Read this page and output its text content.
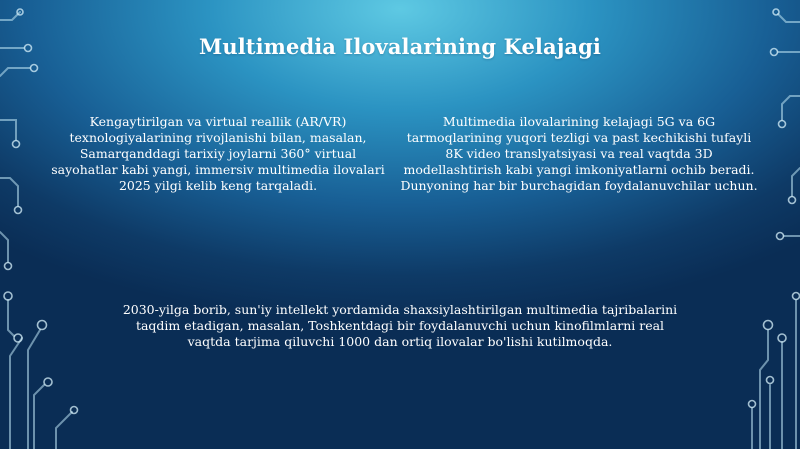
Multimedia Ilovalarining Kelajagi

Kengaytirilgan va virtual reallik (AR/VR) texnologiyalarining rivojlanishi bilan, masalan, Samarqanddagi tarixiy joylarni 360° virtual sayohatlar kabi yangi, immersiv multimedia ilovalari 2025 yilgi kelib keng tarqaladi.

Multimedia ilovalarining kelajagi 5G va 6G tarmoqlarining yuqori tezligi va past kechikishi tufayli 8K video translyatsiyasi va real vaqtda 3D modellashtirish kabi yangi imkoniyatlarni ochib beradi. Dunyoning har bir burchagidan foydalanuvchilar uchun.

2030-yilga borib, sun'iy intellekt yordamida shaxsiylashtirilgan multimedia tajribalarini taqdim etadigan, masalan, Toshkentdagi bir foydalanuvchi uchun kinofilmlarni real vaqtda tarjima qiluvchi 1000 dan ortiq ilovalar bo'lishi kutilmoqda.
